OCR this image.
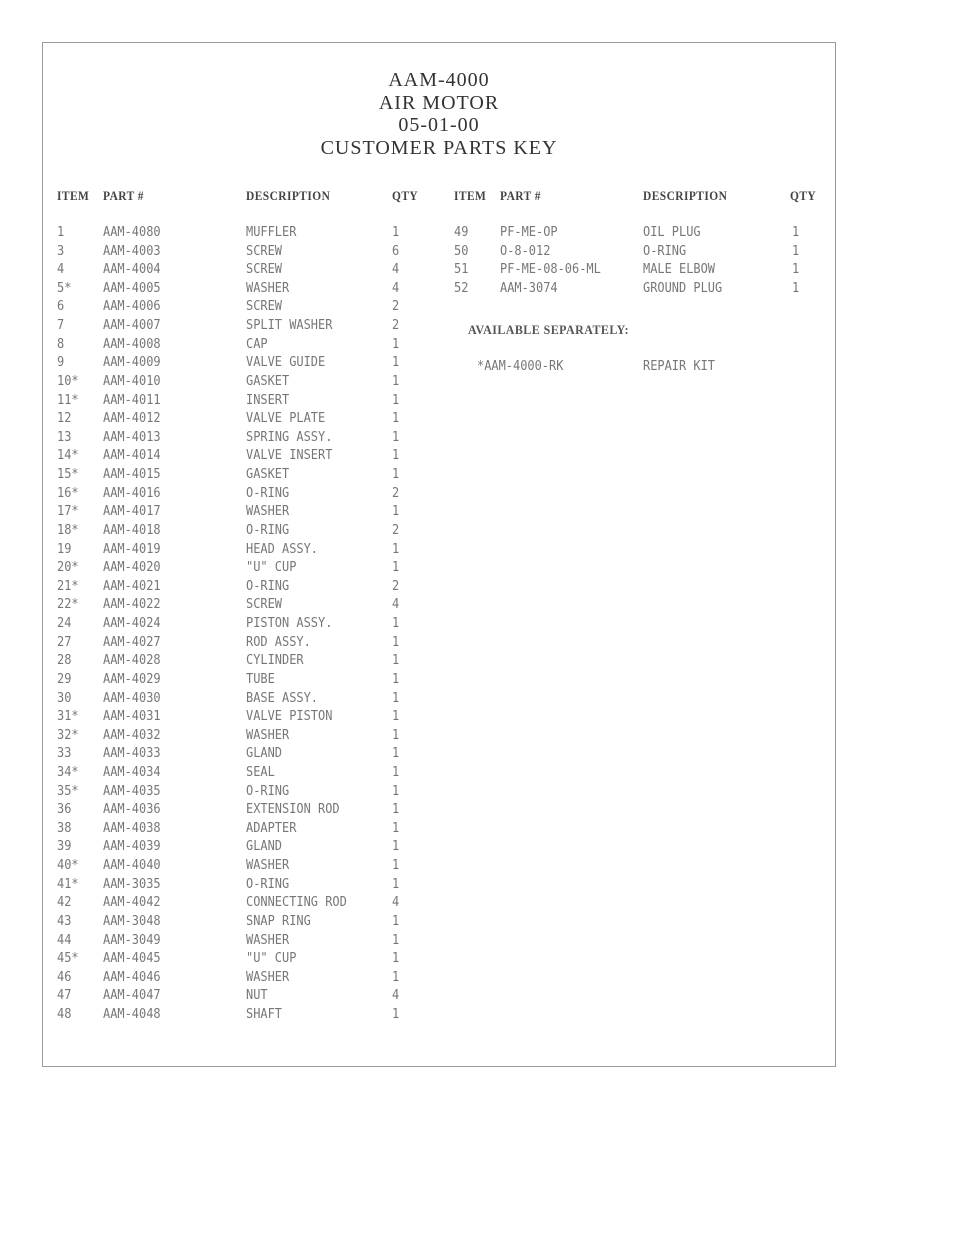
AAM-4000
AIR MOTOR
05-01-00
CUSTOMER PARTS KEY
ITEM PART #	DESCRIPTION	QTY	ITEM PART #	DESCRIPTION	QTY
1	AAM-4080	MUFFLER	1
3	AAM-4003	SCREW	6
4	AAM-4004	SCREW	4
5* AAM-4005	WASHER	4
6	AAM-4006	SCREW	2
7	AAM-4007	SPLIT WASHER	2
8	AAM-4008	CAP	1
9	AAM-4009	VALVE GUIDE	1
10* AAM-4010	GASKET	1
11* AAM-4011	INSERT	1
12 AAM-4012	VALVE PLATE	1
13 AAM-4013	SPRING ASSY.	1
14* AAM-4014	VALVE INSERT	1
15* AAM-4015	GASKET	1
16* AAM-4016	O-RING	2
17* AAM-4017	WASHER	1
18* AAM-4018	O-RING	2
19 AAM-4019	HEAD ASSY.	1
20* AAM-4020	"U" CUP	1
21* AAM-4021	O-RING	2
22* AAM-4022	SCREW	4
24 AAM-4024	PISTON ASSY.	1
27 AAM-4027	ROD ASSY.	1
28 AAM-4028	CYLINDER	1
29 AAM-4029	TUBE	1
30 AAM-4030	BASE ASSY.	1
31* AAM-4031	VALVE PISTON	1
32* AAM-4032	WASHER	1
33 AAM-4033	GLAND	1
34* AAM-4034	SEAL	1
35* AAM-4035	O-RING	1
36 AAM-4036	EXTENSION ROD	1
38 AAM-4038	ADAPTER	1
39 AAM-4039	GLAND	1
40* AAM-4040	WASHER	1
41* AAM-3035	O-RING	1
42 AAM-4042	CONNECTING ROD	4
43 AAM-3048	SNAP RING	1
44 AAM-3049	WASHER	1
45* AAM-4045	"U" CUP	1
46 AAM-4046	WASHER	1
47 AAM-4047	NUT	4
48 AAM-4048	SHAFT	1
49 PF-ME-OP	OIL PLUG	1
50 O-8-012	O-RING	1
51 PF-ME-08-06-ML	MALE ELBOW	1
52 AAM-3074	GROUND PLUG	1
AVAILABLE SEPARATELY:
*AAM-4000-RK	REPAIR KIT
